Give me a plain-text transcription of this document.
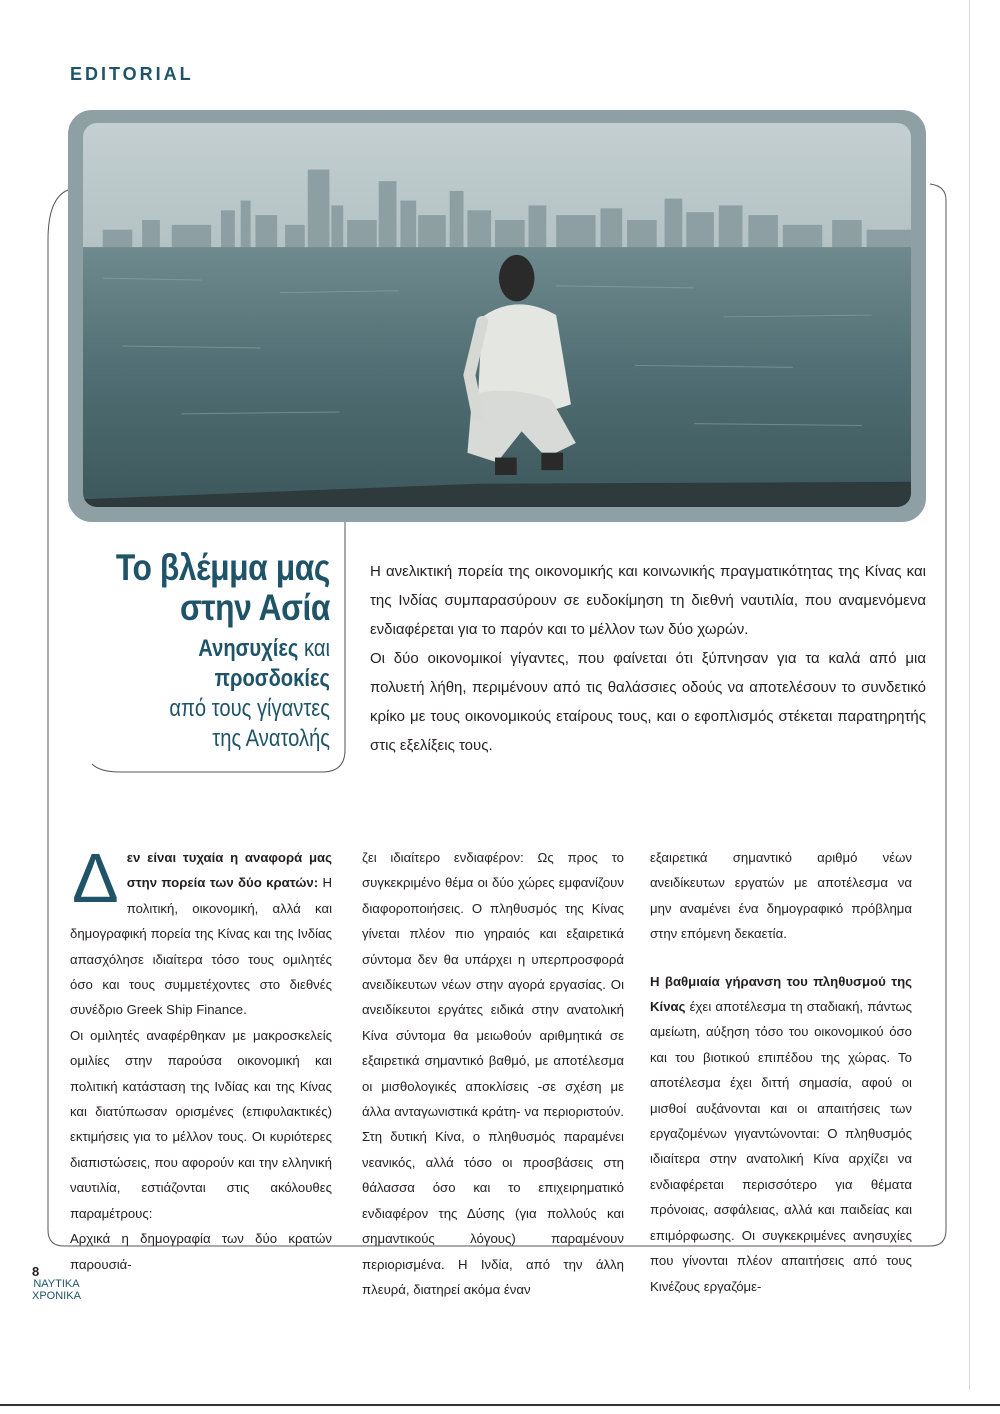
EDITORIAL
Το βλέμμα μας
στην Ασία
Ανησυχίες και προσδοκίες
από τους γίγαντες
της Ανατολής

Η ανελικτική πορεία της οικονομικής και κοινωνικής πραγματικότητας της Κίνας και της Ινδίας συμπαρασύρουν σε ευδοκίμηση τη διεθνή ναυτιλία, που αναμενόμενα ενδιαφέρεται για το παρόν και το μέλλον των δύο χωρών.

Οι δύο οικονομικοί γίγαντες, που φαίνεται ότι ξύπνησαν για τα καλά από μια πολυετή λήθη, περιμένουν από τις θαλάσσιες οδούς να αποτελέσουν το συνδετικό κρίκο με τους οικονομικούς εταίρους τους, και ο εφοπλισμός στέκεται παρατηρητής στις εξελίξεις τους.

Δεν είναι τυχαία η αναφορά μας στην πορεία των δύο κρατών: Η πολιτική, οικονομική, αλλά και δημογραφική πορεία της Κίνας και της Ινδίας απασχόλησε ιδιαίτερα τόσο τους ομιλητές όσο και τους συμμετέχοντες στο διεθνές συνέδριο Greek Ship Finance.

Οι ομιλητές αναφέρθηκαν με μακροσκελείς ομιλίες στην παρούσα οικονομική και πολιτική κατάσταση της Ινδίας και της Κίνας και διατύπωσαν ορισμένες (επιφυλακτικές) εκτιμήσεις για το μέλλον τους. Οι κυριότερες διαπιστώσεις, που αφορούν και την ελληνική ναυτιλία, εστιάζονται στις ακόλουθες παραμέτρους:

Αρχικά η δημογραφία των δύο κρατών παρουσιά-

ζει ιδιαίτερο ενδιαφέρον: Ως προς το συγκεκριμένο θέμα οι δύο χώρες εμφανίζουν διαφοροποιήσεις. Ο πληθυσμός της Κίνας γίνεται πλέον πιο γηραιός και εξαιρετικά σύντομα δεν θα υπάρχει η υπερπροσφορά ανειδίκευτων νέων στην αγορά εργασίας. Οι ανειδίκευτοι εργάτες ειδικά στην ανατολική Κίνα σύντομα θα μειωθούν αριθμητικά σε εξαιρετικά σημαντικό βαθμό, με αποτέλεσμα οι μισθολογικές αποκλίσεις -σε σχέση με άλλα ανταγωνιστικά κράτη- να περιοριστούν. Στη δυτική Κίνα, ο πληθυσμός παραμένει νεανικός, αλλά τόσο οι προσβάσεις στη θάλασσα όσο και το επιχειρηματικό ενδιαφέρον της Δύσης (για πολλούς και σημαντικούς λόγους) παραμένουν περιορισμένα. Η Ινδία, από την άλλη πλευρά, διατηρεί ακόμα έναν

εξαιρετικά σημαντικό αριθμό νέων ανειδίκευτων εργατών με αποτέλεσμα να μην αναμένει ένα δημογραφικό πρόβλημα στην επόμενη δεκαετία.

Η βαθμιαία γήρανση του πληθυσμού της Κίνας έχει αποτέλεσμα τη σταδιακή, πάντως αμείωτη, αύξηση τόσο του οικονομικού όσο και του βιοτικού επιπέδου της χώρας. Το αποτέλεσμα έχει διττή σημασία, αφού οι μισθοί αυξάνονται και οι απαιτήσεις των εργαζομένων γιγαντώνονται: Ο πληθυσμός ιδιαίτερα στην ανατολική Κίνα αρχίζει να ενδιαφέρεται περισσότερο για θέματα πρόνοιας, ασφάλειας, αλλά και παιδείας και επιμόρφωσης. Οι συγκεκριμένες ανησυχίες που γίνονται πλέον απαιτήσεις από τους Κινέζους εργαζόμε-

8
ΝΑΥΤΙΚΑ
ΧΡΟΝΙΚΑ
